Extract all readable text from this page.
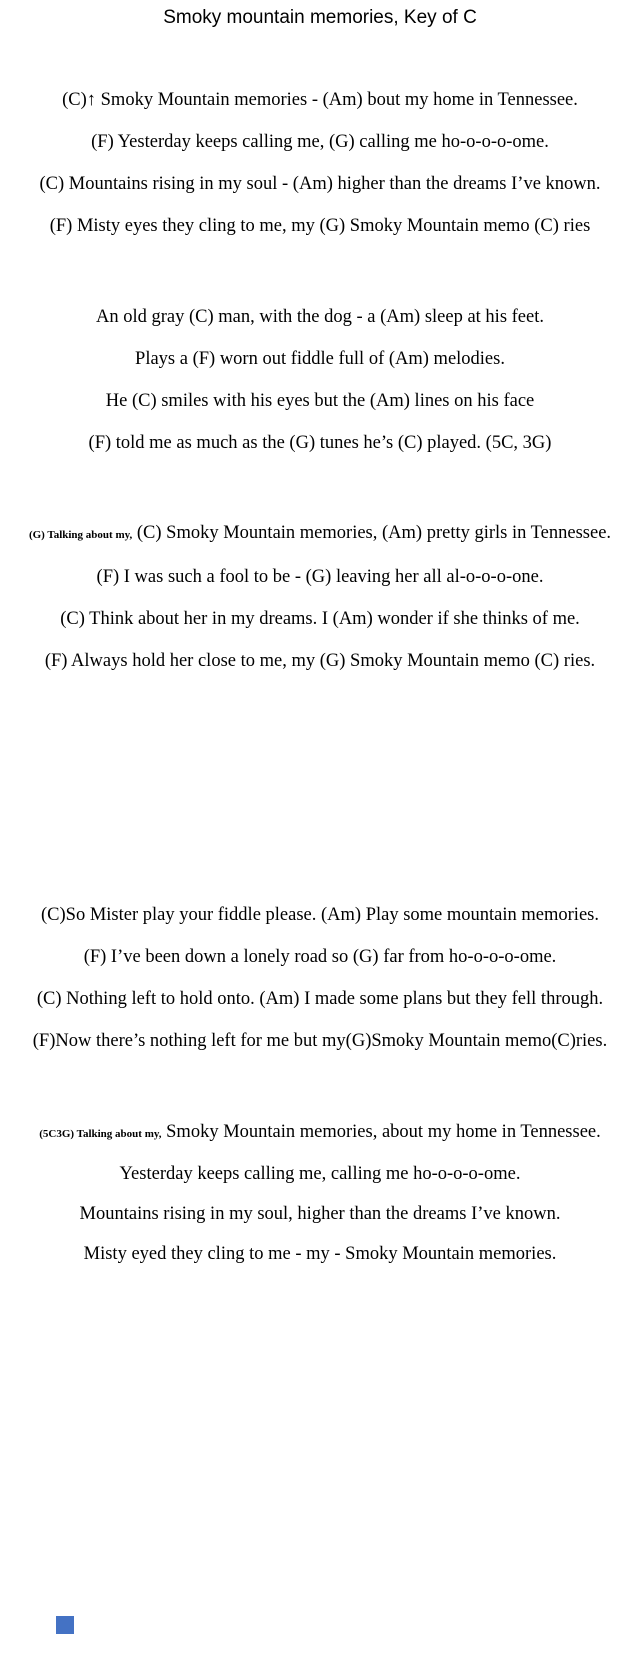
Smoky mountain memories, Key of C

(C)↑ Smoky Mountain memories - (Am) bout my home in Tennessee.

(F) Yesterday keeps calling me, (G) calling me ho-o-o-o-ome.

(C) Mountains rising in my soul - (Am) higher than the dreams I’ve known.

(F) Misty eyes they cling to me, my (G) Smoky Mountain memo (C) ries

An old gray (C) man, with the dog - a (Am) sleep at his feet.

Plays a (F) worn out fiddle full of (Am) melodies.

He (C) smiles with his eyes but the (Am) lines on his face

(F) told me as much as the (G) tunes he’s (C) played. (5C, 3G)

(G) Talking about my, (C) Smoky Mountain memories, (Am) pretty girls in Tennessee.

(F) I was such a fool to be - (G) leaving her all al-o-o-o-one.

(C) Think about her in my dreams. I (Am) wonder if she thinks of me.

(F) Always hold her close to me, my (G) Smoky Mountain memo (C) ries.

(C)So Mister play your fiddle please. (Am) Play some mountain memories.

(F) I’ve been down a lonely road so (G) far from ho-o-o-o-ome.

(C) Nothing left to hold onto. (Am) I made some plans but they fell through.

(F)Now there’s nothing left for me but my(G)Smoky Mountain memo(C)ries.

(5C3G) Talking about my, Smoky Mountain memories, about my home in Tennessee.

Yesterday keeps calling me, calling me ho-o-o-o-ome.

Mountains rising in my soul, higher than the dreams I’ve known.

Misty eyed they cling to me - my - Smoky Mountain memories.
